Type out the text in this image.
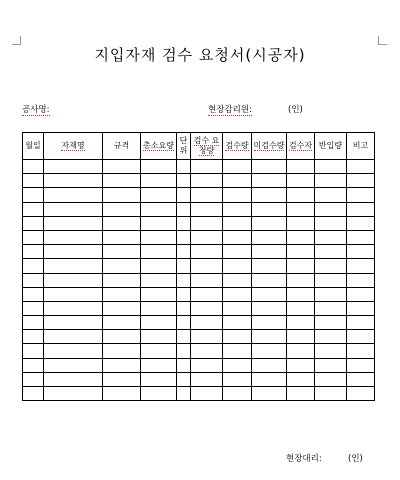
지입자재 검수 요청서(시공자)
공사명:	현장감리원:	(인)
월일	자재명	규격	총소요량	단위	검수 요청량	검수량	미검수량	검수자	반입량	비고

현장대리:	(인)
